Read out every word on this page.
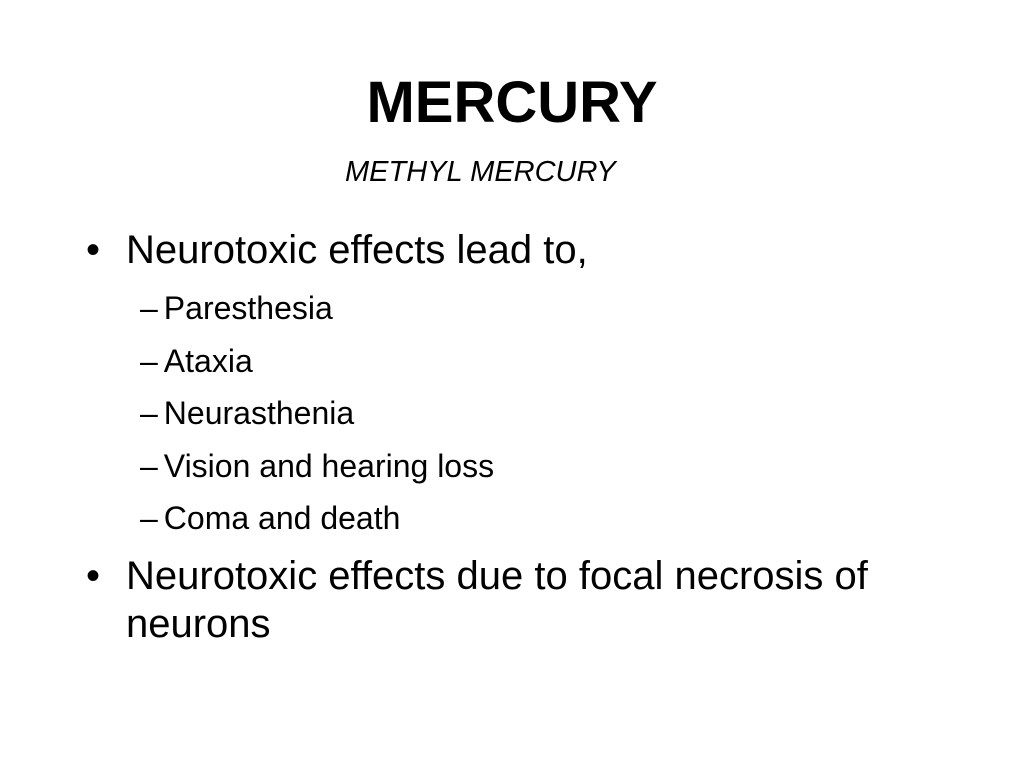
MERCURY
METHYL MERCURY
• Neurotoxic effects lead to,
– Paresthesia
– Ataxia
– Neurasthenia
– Vision and hearing loss
– Coma and death
• Neurotoxic effects due to focal necrosis of neurons
